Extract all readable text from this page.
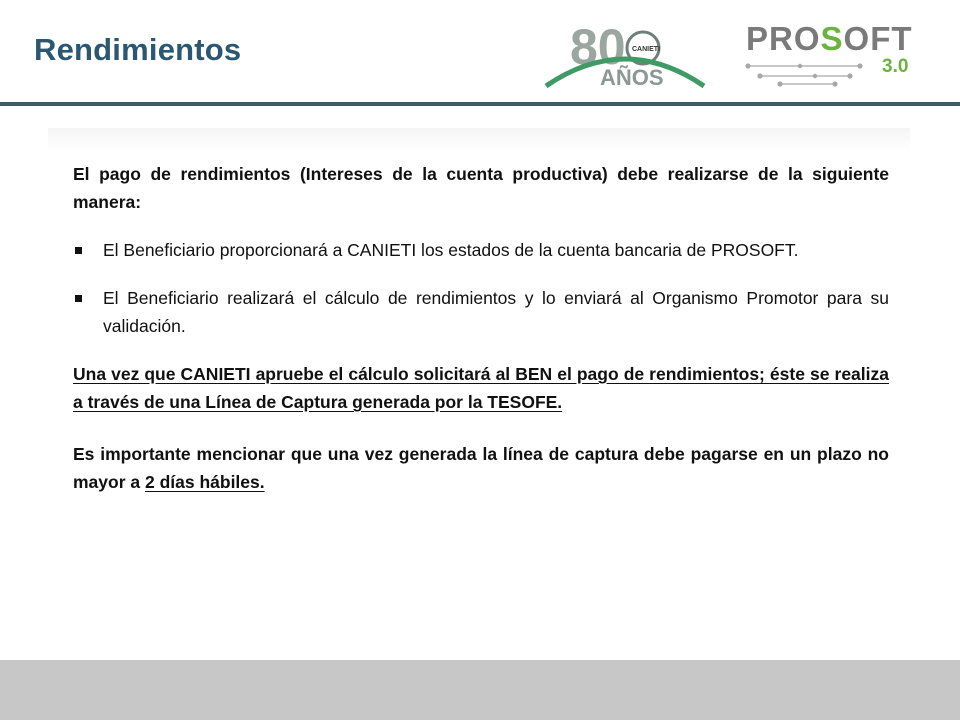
Rendimientos	80 CANIETI
AÑOS
PROSOFT
3.0

El pago de rendimientos (Intereses de la cuenta productiva) debe realizarse de la siguiente manera:

El Beneficiario proporcionará a CANIETI los estados de la cuenta bancaria de PROSOFT.

El Beneficiario realizará el cálculo de rendimientos y lo enviará al Organismo Promotor para su validación.

Una vez que CANIETI apruebe el cálculo solicitará al BEN el pago de rendimientos; éste se realiza a través de una Línea de Captura generada por la TESOFE.

Es importante mencionar que una vez generada la línea de captura debe pagarse en un plazo no mayor a 2 días hábiles.
